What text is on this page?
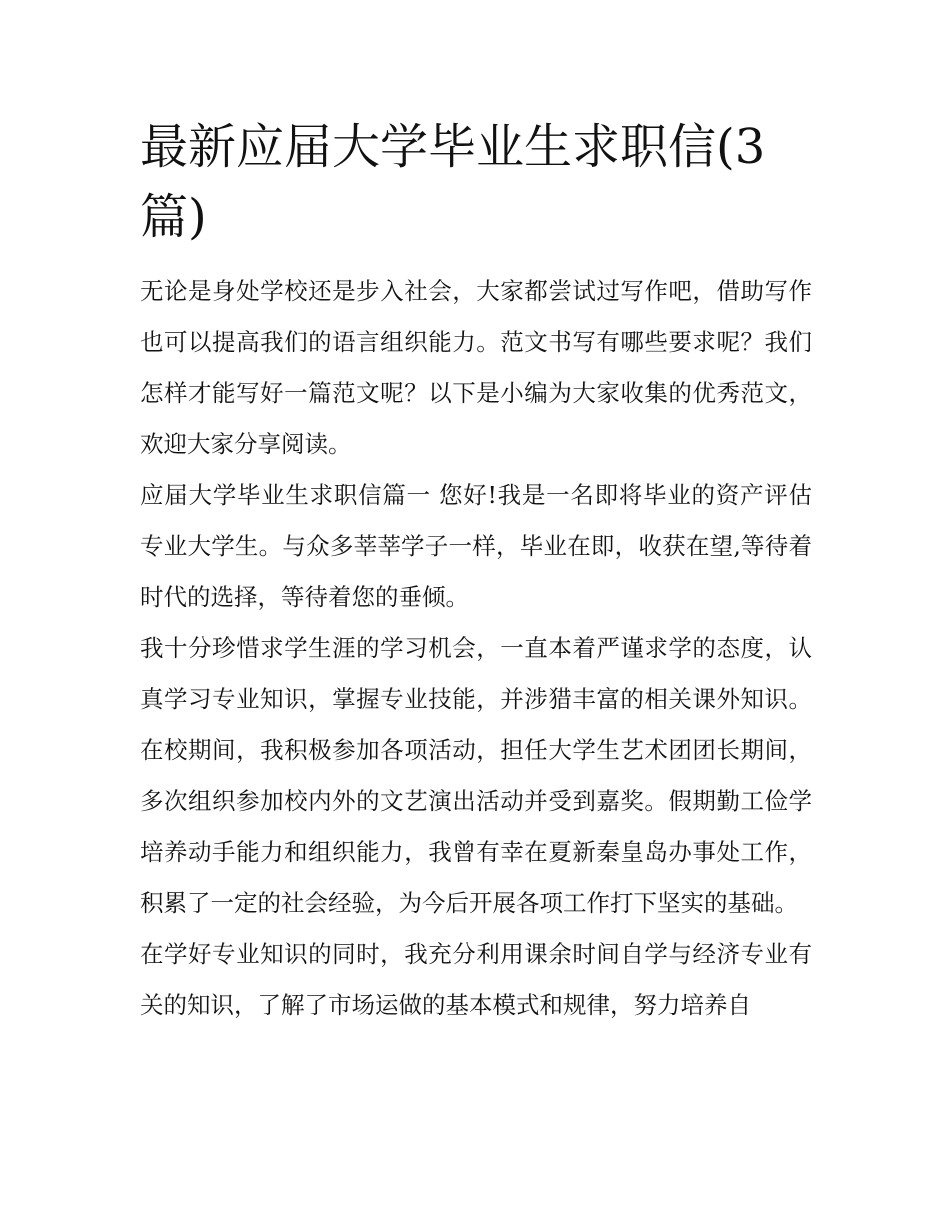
最新应届大学毕业生求职信(3篇)

无论是身处学校还是步入社会，大家都尝试过写作吧，借助写作也可以提高我们的语言组织能力。范文书写有哪些要求呢？我们怎样才能写好一篇范文呢？以下是小编为大家收集的优秀范文，欢迎大家分享阅读。

应届大学毕业生求职信篇一 您好!我是一名即将毕业的资产评估专业大学生。与众多莘莘学子一样，毕业在即，收获在望,等待着时代的选择，等待着您的垂倾。

我十分珍惜求学生涯的学习机会，一直本着严谨求学的态度，认真学习专业知识，掌握专业技能，并涉猎丰富的相关课外知识。在校期间，我积极参加各项活动，担任大学生艺术团团长期间，多次组织参加校内外的文艺演出活动并受到嘉奖。假期勤工俭学培养动手能力和组织能力，我曾有幸在夏新秦皇岛办事处工作，积累了一定的社会经验，为今后开展各项工作打下坚实的基础。

在学好专业知识的同时，我充分利用课余时间自学与经济专业有关的知识，了解了市场运做的基本模式和规律，努力培养自
